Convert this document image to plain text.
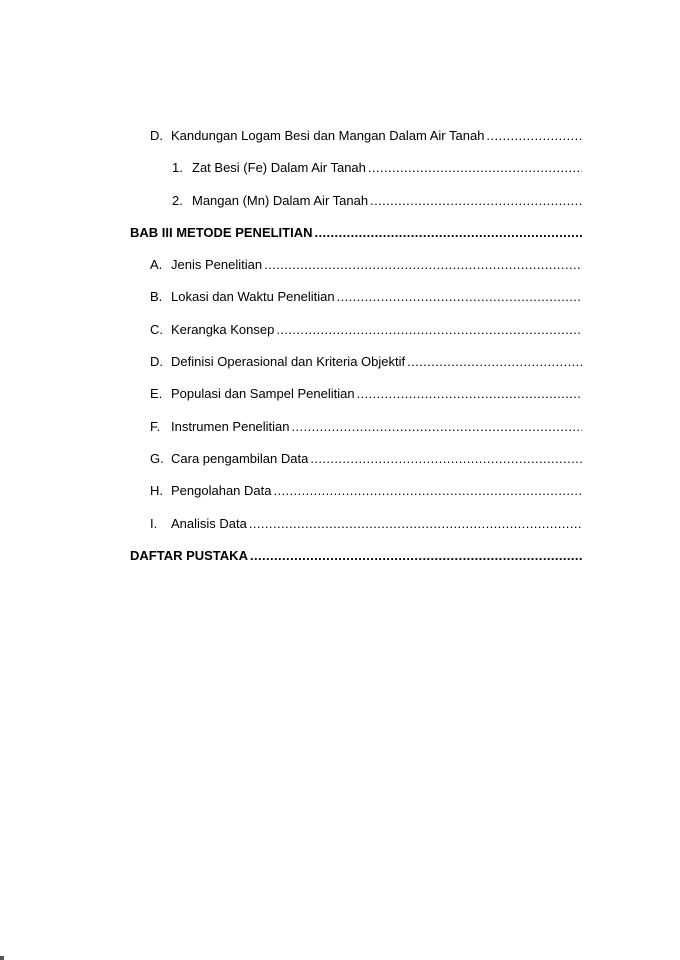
D. Kandungan Logam Besi dan Mangan Dalam Air Tanah
.....
1. Zat Besi (Fe) Dalam Air Tanah
.....
2. Mangan (Mn) Dalam Air Tanah
.....
BAB III METODE PENELITIAN
.....
A. Jenis Penelitian
.....
B. Lokasi dan Waktu Penelitian
.....
C. Kerangka Konsep
.....
D. Definisi Operasional dan Kriteria Objektif
.....
E. Populasi dan Sampel Penelitian
.....
F. Instrumen Penelitian
.....
G. Cara pengambilan Data
.....
H. Pengolahan Data
.....
I.	Analisis Data
.....
DAFTAR PUSTAKA
.....
